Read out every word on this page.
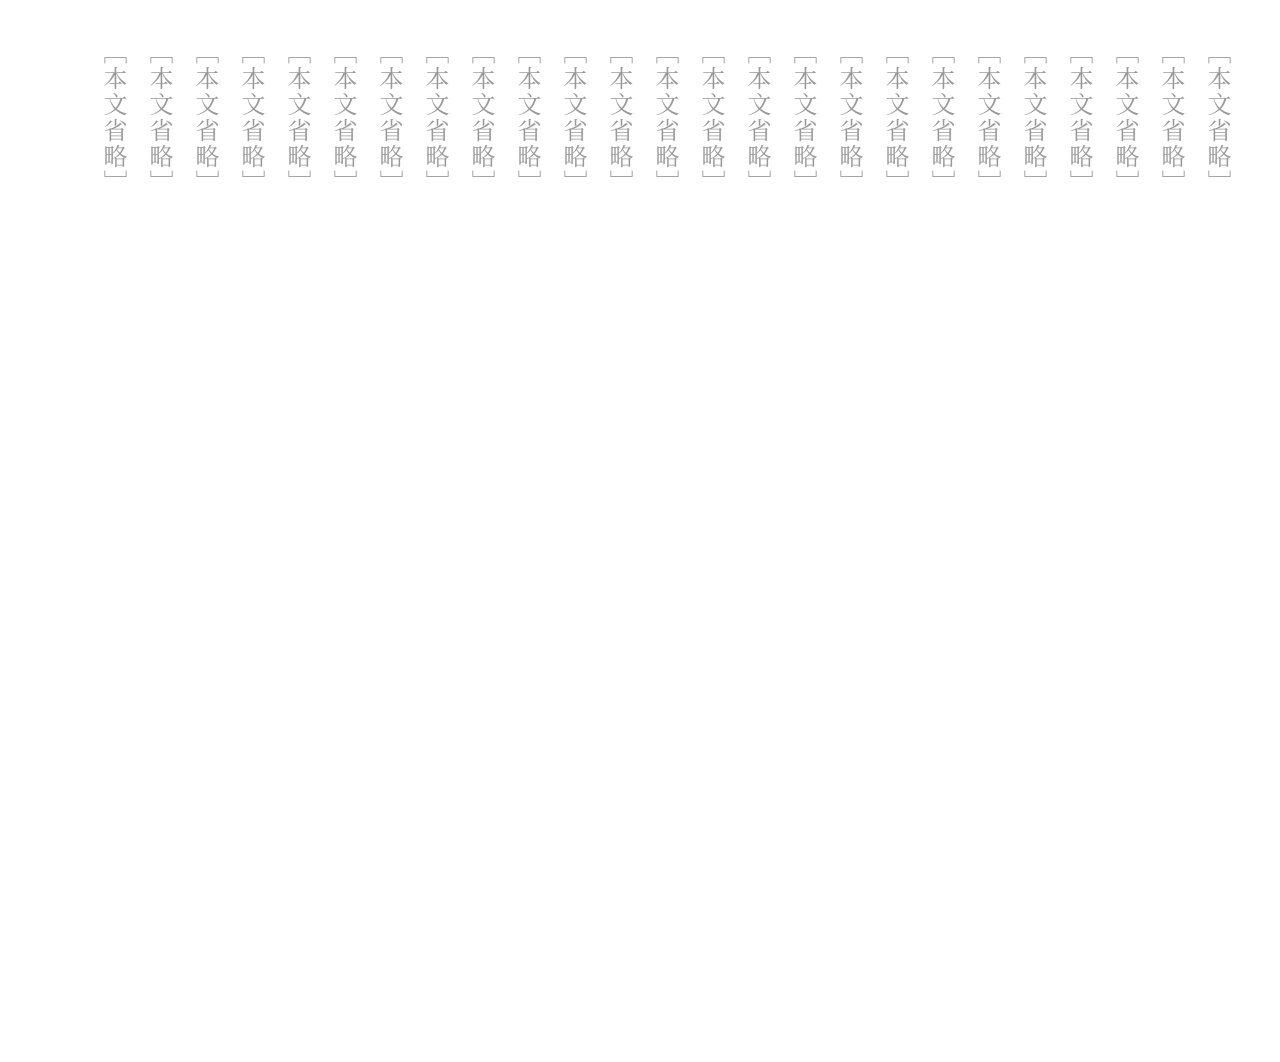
［本文省略］
［本文省略］
［本文省略］
［本文省略］
［本文省略］
［本文省略］
［本文省略］
［本文省略］
［本文省略］
［本文省略］
［本文省略］
［本文省略］
［本文省略］
［本文省略］
［本文省略］
［本文省略］
［本文省略］
［本文省略］
［本文省略］
［本文省略］
［本文省略］
［本文省略］
［本文省略］
［本文省略］
［本文省略］
